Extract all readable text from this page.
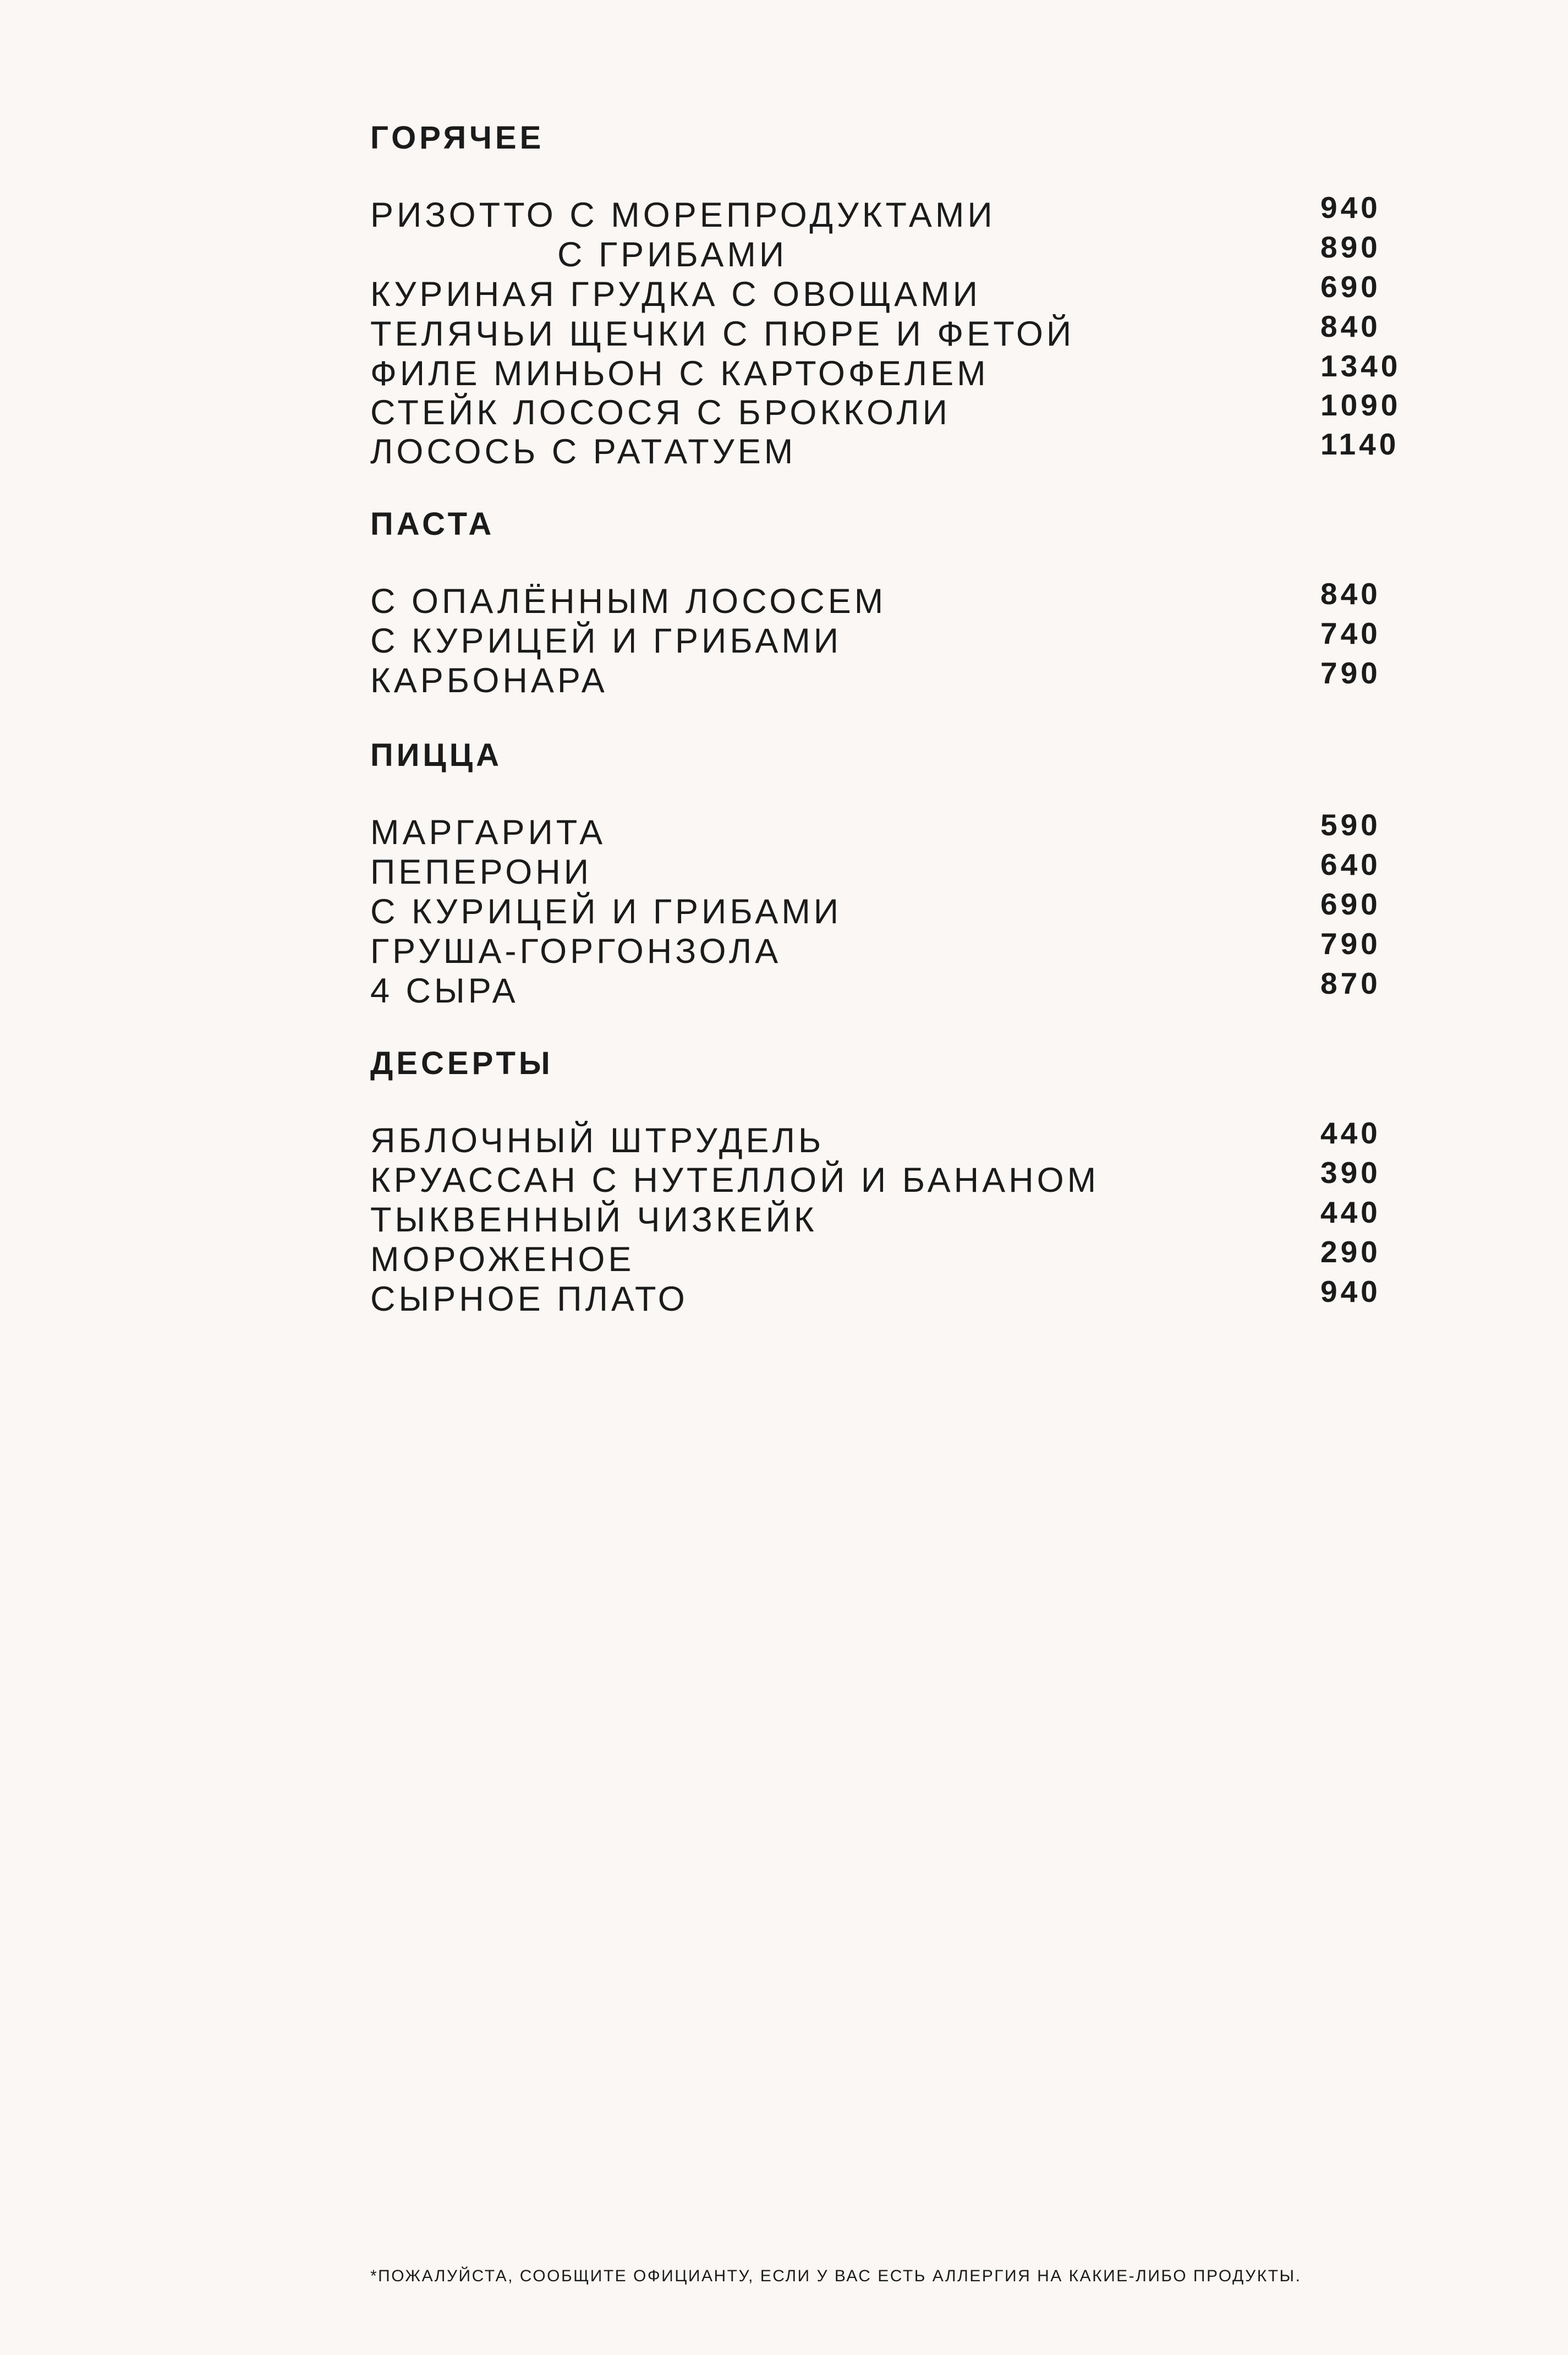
ГОРЯЧЕЕ
РИЗОТТО С МОРЕПРОДУКТАМИ	940
С ГРИБАМИ	890
КУРИНАЯ ГРУДКА С ОВОЩАМИ	690
ТЕЛЯЧЬИ ЩЕЧКИ С ПЮРЕ И ФЕТОЙ	840
ФИЛЕ МИНЬОН С КАРТОФЕЛЕМ	1340
СТЕЙК ЛОСОСЯ С БРОККОЛИ	1090
ЛОСОСЬ С РАТАТУЕМ	1140
ПАСТА
С ОПАЛЁННЫМ ЛОСОСЕМ	840
С КУРИЦЕЙ И ГРИБАМИ	740
КАРБОНАРА	790
ПИЦЦА
МАРГАРИТА	590
ПЕПЕРОНИ	640
С КУРИЦЕЙ И ГРИБАМИ	690
ГРУША-ГОРГОНЗОЛА	790
4 СЫРА	870
ДЕСЕРТЫ
ЯБЛОЧНЫЙ ШТРУДЕЛЬ	440
КРУАССАН С НУТЕЛЛОЙ И БАНАНОМ	390
ТЫКВЕННЫЙ ЧИЗКЕЙК	440
МОРОЖЕНОЕ	290
СЫРНОЕ ПЛАТО	940
*ПОЖАЛУЙСТА, СООБЩИТЕ ОФИЦИАНТУ, ЕСЛИ У ВАС ЕСТЬ АЛЛЕРГИЯ НА КАКИЕ-ЛИБО ПРОДУКТЫ.
